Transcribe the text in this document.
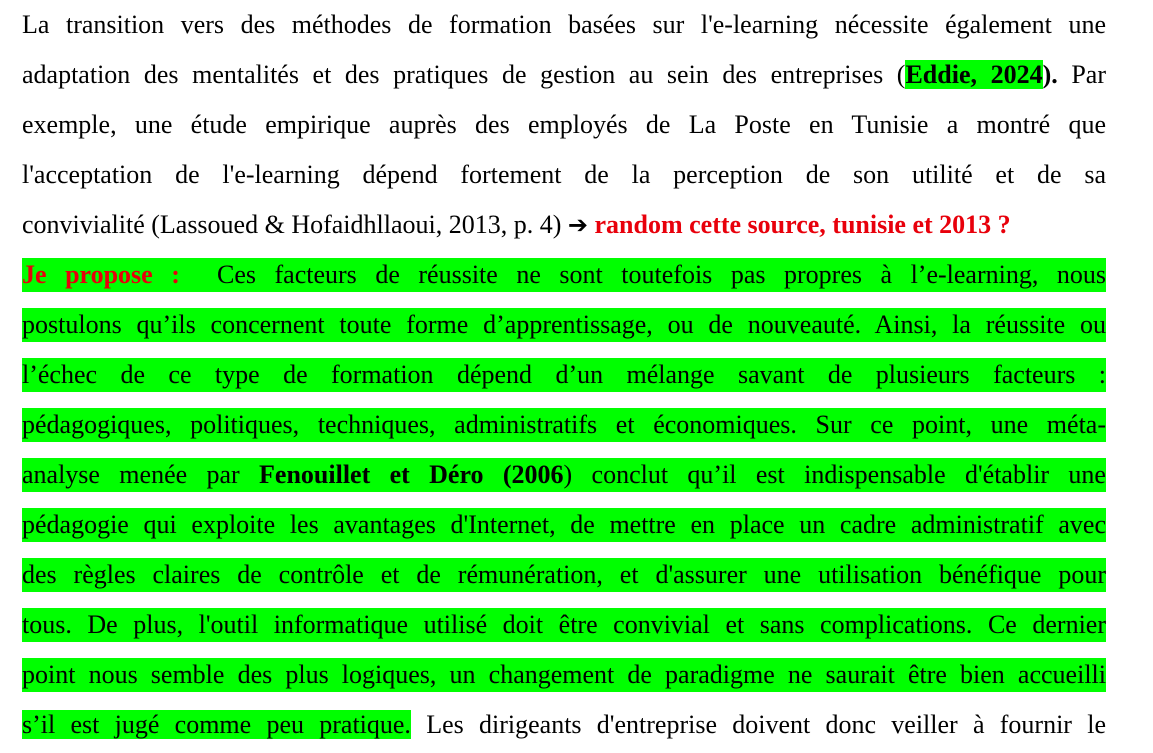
La transition vers des méthodes de formation basées sur l'e-learning nécessite également une
adaptation des mentalités et des pratiques de gestion au sein des entreprises (Eddie, 2024). Par
exemple, une étude empirique auprès des employés de La Poste en Tunisie a montré que
l'acceptation de l'e-learning dépend fortement de la perception de son utilité et de sa
convivialité (Lassoued & Hofaidhllaoui, 2013, p. 4) ➔ random cette source, tunisie et 2013 ?
Je propose :  Ces facteurs de réussite ne sont toutefois pas propres à l’e-learning, nous
postulons qu’ils concernent toute forme d’apprentissage, ou de nouveauté. Ainsi, la réussite ou
l’échec de ce type de formation dépend d’un mélange savant de plusieurs facteurs :
pédagogiques, politiques, techniques, administratifs et économiques. Sur ce point, une méta-
analyse menée par Fenouillet et Déro (2006) conclut qu’il est indispensable d'établir une
pédagogie qui exploite les avantages d'Internet, de mettre en place un cadre administratif avec
des règles claires de contrôle et de rémunération, et d'assurer une utilisation bénéfique pour
tous. De plus, l'outil informatique utilisé doit être convivial et sans complications. Ce dernier
point nous semble des plus logiques, un changement de paradigme ne saurait être bien accueilli
s’il est jugé comme peu pratique. Les dirigeants d'entreprise doivent donc veiller à fournir le
